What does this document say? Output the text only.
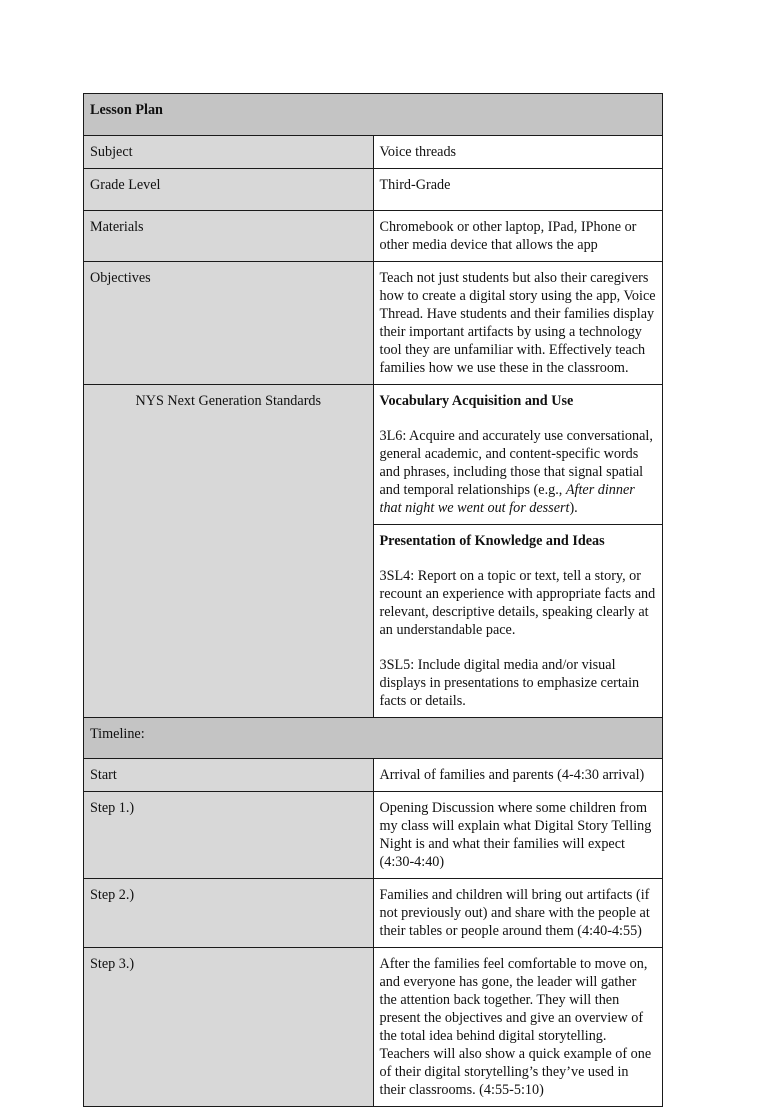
Lesson Plan	
Subject	Voice threads
Grade Level	Third-Grade
Materials	Chromebook or other laptop, IPad, IPhone or other media device that allows the app
Objectives	Teach not just students but also their caregivers how to create a digital story using the app, Voice Thread. Have students and their families display their important artifacts by using a technology tool they are unfamiliar with. Effectively teach families how we use these in the classroom.
NYS Next Generation Standards	Vocabulary Acquisition and Use

3L6: Acquire and accurately use conversational, general academic, and content-specific words and phrases, including those that signal spatial and temporal relationships (e.g., After dinner that night we went out for dessert).

	Presentation of Knowledge and Ideas

3SL4: Report on a topic or text, tell a story, or recount an experience with appropriate facts and relevant, descriptive details, speaking clearly at an understandable pace.

3SL5: Include digital media and/or visual displays in presentations to emphasize certain facts or details.

Timeline:	
Start	Arrival of families and parents (4-4:30 arrival)
Step 1.)	Opening Discussion where some children from my class will explain what Digital Story Telling Night is and what their families will expect (4:30-4:40)
Step 2.)	Families and children will bring out artifacts (if not previously out) and share with the people at their tables or people around them (4:40-4:55)
Step 3.)	After the families feel comfortable to move on, and everyone has gone, the leader will gather the attention back together. They will then present the objectives and give an overview of the total idea behind digital storytelling. Teachers will also show a quick example of one of their digital storytelling’s they’ve used in their classrooms. (4:55-5:10)
